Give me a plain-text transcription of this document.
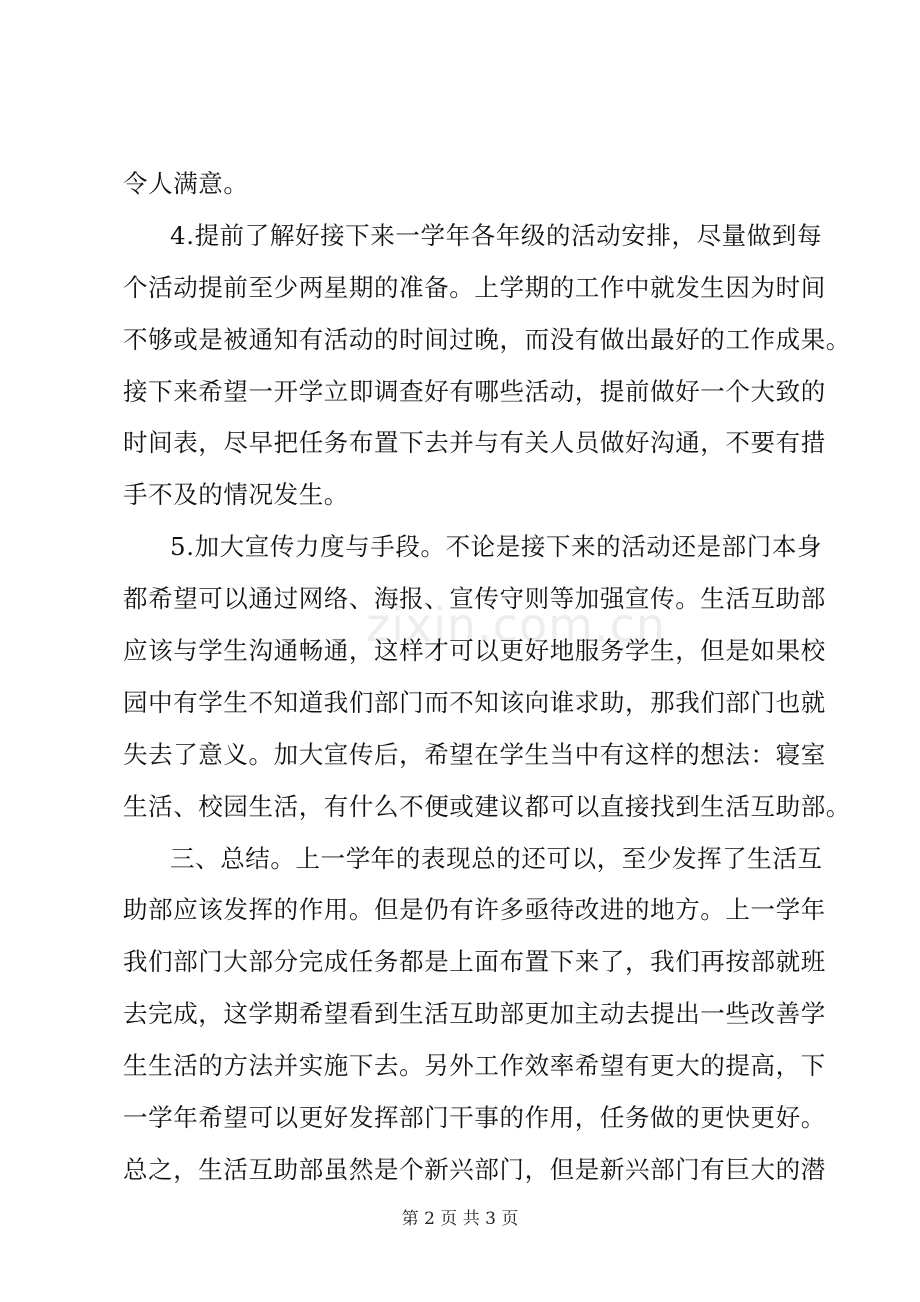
令人满意。
4.提前了解好接下来一学年各年级的活动安排，尽量做到每
个活动提前至少两星期的准备。上学期的工作中就发生因为时间
不够或是被通知有活动的时间过晚，而没有做出最好的工作成果。
接下来希望一开学立即调查好有哪些活动，提前做好一个大致的
时间表，尽早把任务布置下去并与有关人员做好沟通，不要有措
手不及的情况发生。
5.加大宣传力度与手段。不论是接下来的活动还是部门本身
都希望可以通过网络、海报、宣传守则等加强宣传。生活互助部
应该与学生沟通畅通，这样才可以更好地服务学生，但是如果校
园中有学生不知道我们部门而不知该向谁求助，那我们部门也就
失去了意义。加大宣传后，希望在学生当中有这样的想法：寝室
生活、校园生活，有什么不便或建议都可以直接找到生活互助部。
三、总结。上一学年的表现总的还可以，至少发挥了生活互
助部应该发挥的作用。但是仍有许多亟待改进的地方。上一学年
我们部门大部分完成任务都是上面布置下来了，我们再按部就班
去完成，这学期希望看到生活互助部更加主动去提出一些改善学
生生活的方法并实施下去。另外工作效率希望有更大的提高，下
一学年希望可以更好发挥部门干事的作用，任务做的更快更好。
总之，生活互助部虽然是个新兴部门，但是新兴部门有巨大的潜
zixin.com.cn
第 2 页 共 3 页
